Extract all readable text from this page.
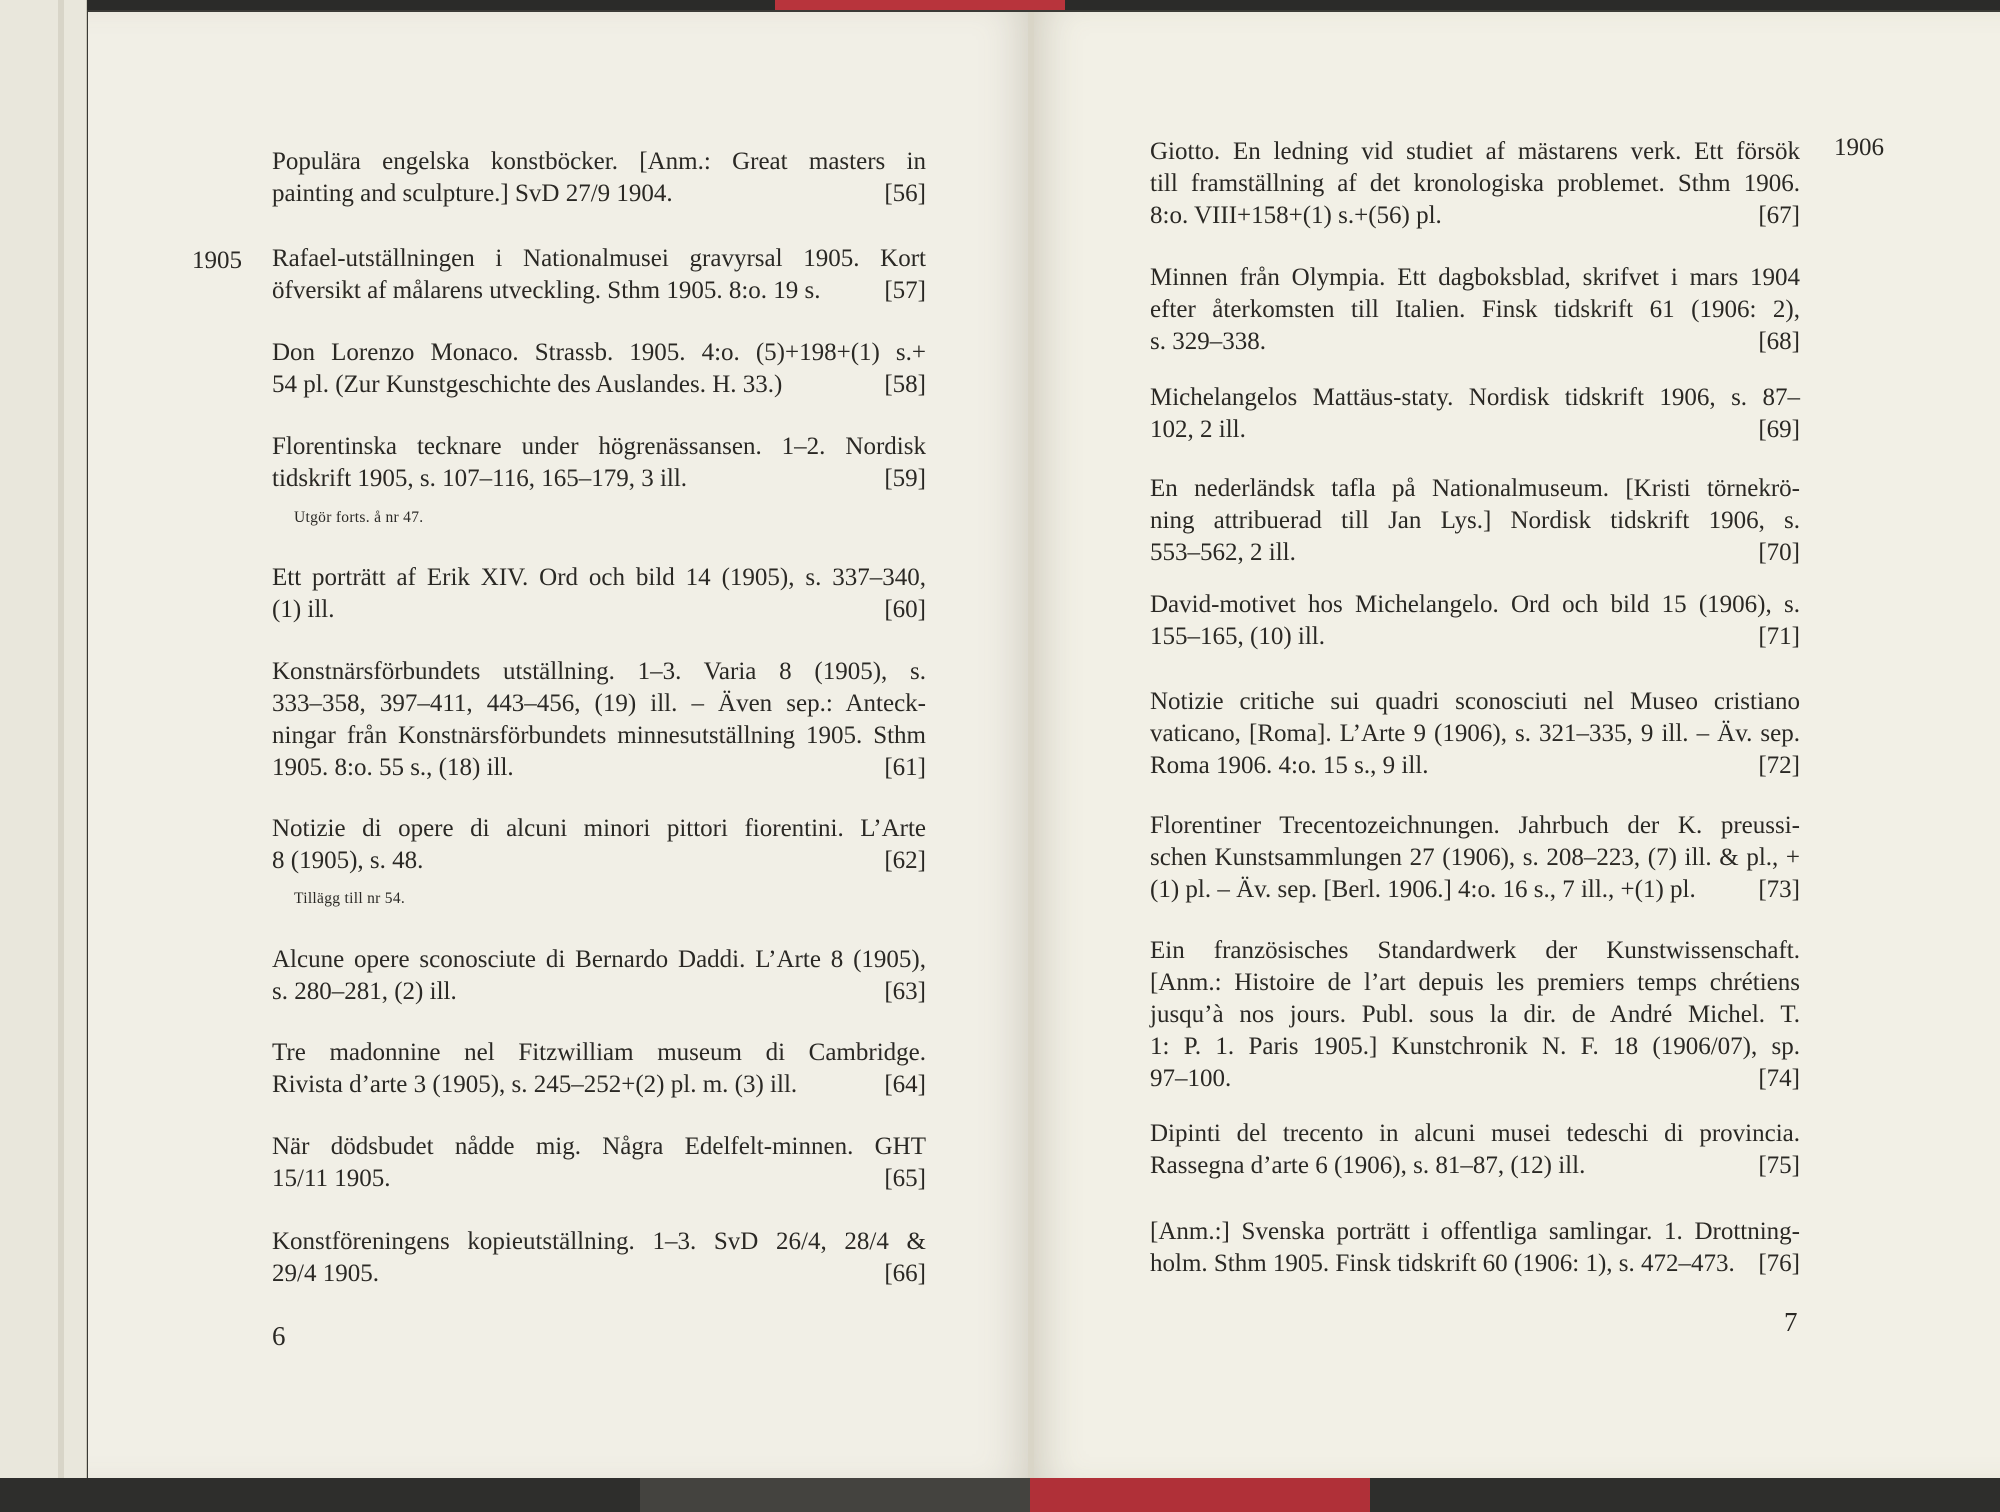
1905
Populära engelska konstböcker. [Anm.: Great masters in
painting and sculpture.] SvD 27/9 1904.	[56]
Rafael-utställningen i Nationalmusei gravyrsal 1905. Kort
öfversikt af målarens utveckling. Sthm 1905. 8:o. 19 s.	[57]
Don Lorenzo Monaco. Strassb. 1905. 4:o. (5)+198+(1) s.+
54 pl. (Zur Kunstgeschichte des Auslandes. H. 33.)	[58]
Florentinska tecknare under högrenässansen. 1–2. Nordisk
tidskrift 1905, s. 107–116, 165–179, 3 ill.	[59]
Utgör forts. å nr 47.
Ett porträtt af Erik XIV. Ord och bild 14 (1905), s. 337–340,
(1) ill.	[60]
Konstnärsförbundets utställning. 1–3. Varia 8 (1905), s.
333–358, 397–411, 443–456, (19) ill. – Även sep.: Anteck-
ningar från Konstnärsförbundets minnesutställning 1905. Sthm
1905. 8:o. 55 s., (18) ill.	[61]
Notizie di opere di alcuni minori pittori fiorentini. L’Arte
8 (1905), s. 48.	[62]
Tillägg till nr 54.
Alcune opere sconosciute di Bernardo Daddi. L’Arte 8 (1905),
s. 280–281, (2) ill.	[63]
Tre madonnine nel Fitzwilliam museum di Cambridge.
Rivista d’arte 3 (1905), s. 245–252+(2) pl. m. (3) ill.	[64]
När dödsbudet nådde mig. Några Edelfelt-minnen. GHT
15/11 1905.	[65]
Konstföreningens kopieutställning. 1–3. SvD 26/4, 28/4 &
29/4 1905.	[66]
6
1906
Giotto. En ledning vid studiet af mästarens verk. Ett försök
till framställning af det kronologiska problemet. Sthm 1906.
8:o. VIII+158+(1) s.+(56) pl.	[67]
Minnen från Olympia. Ett dagboksblad, skrifvet i mars 1904
efter återkomsten till Italien. Finsk tidskrift 61 (1906: 2),
s. 329–338.	[68]
Michelangelos Mattäus-staty. Nordisk tidskrift 1906, s. 87–
102, 2 ill.	[69]
En nederländsk tafla på Nationalmuseum. [Kristi törnekrö-
ning attribuerad till Jan Lys.] Nordisk tidskrift 1906, s.
553–562, 2 ill.	[70]
David-motivet hos Michelangelo. Ord och bild 15 (1906), s.
155–165, (10) ill.	[71]
Notizie critiche sui quadri sconosciuti nel Museo cristiano
vaticano, [Roma]. L’Arte 9 (1906), s. 321–335, 9 ill. – Äv. sep.
Roma 1906. 4:o. 15 s., 9 ill.	[72]
Florentiner Trecentozeichnungen. Jahrbuch der K. preussi-
schen Kunstsammlungen 27 (1906), s. 208–223, (7) ill. & pl., +
(1) pl. – Äv. sep. [Berl. 1906.] 4:o. 16 s., 7 ill., +(1) pl.	[73]
Ein französisches Standardwerk der Kunstwissenschaft.
[Anm.: Histoire de l’art depuis les premiers temps chrétiens
jusqu’à nos jours. Publ. sous la dir. de André Michel. T.
1: P. 1. Paris 1905.] Kunstchronik N. F. 18 (1906/07), sp.
97–100.	[74]
Dipinti del trecento in alcuni musei tedeschi di provincia.
Rassegna d’arte 6 (1906), s. 81–87, (12) ill.	[75]
[Anm.:] Svenska porträtt i offentliga samlingar. 1. Drottning-
holm. Sthm 1905. Finsk tidskrift 60 (1906: 1), s. 472–473. [76]
7
